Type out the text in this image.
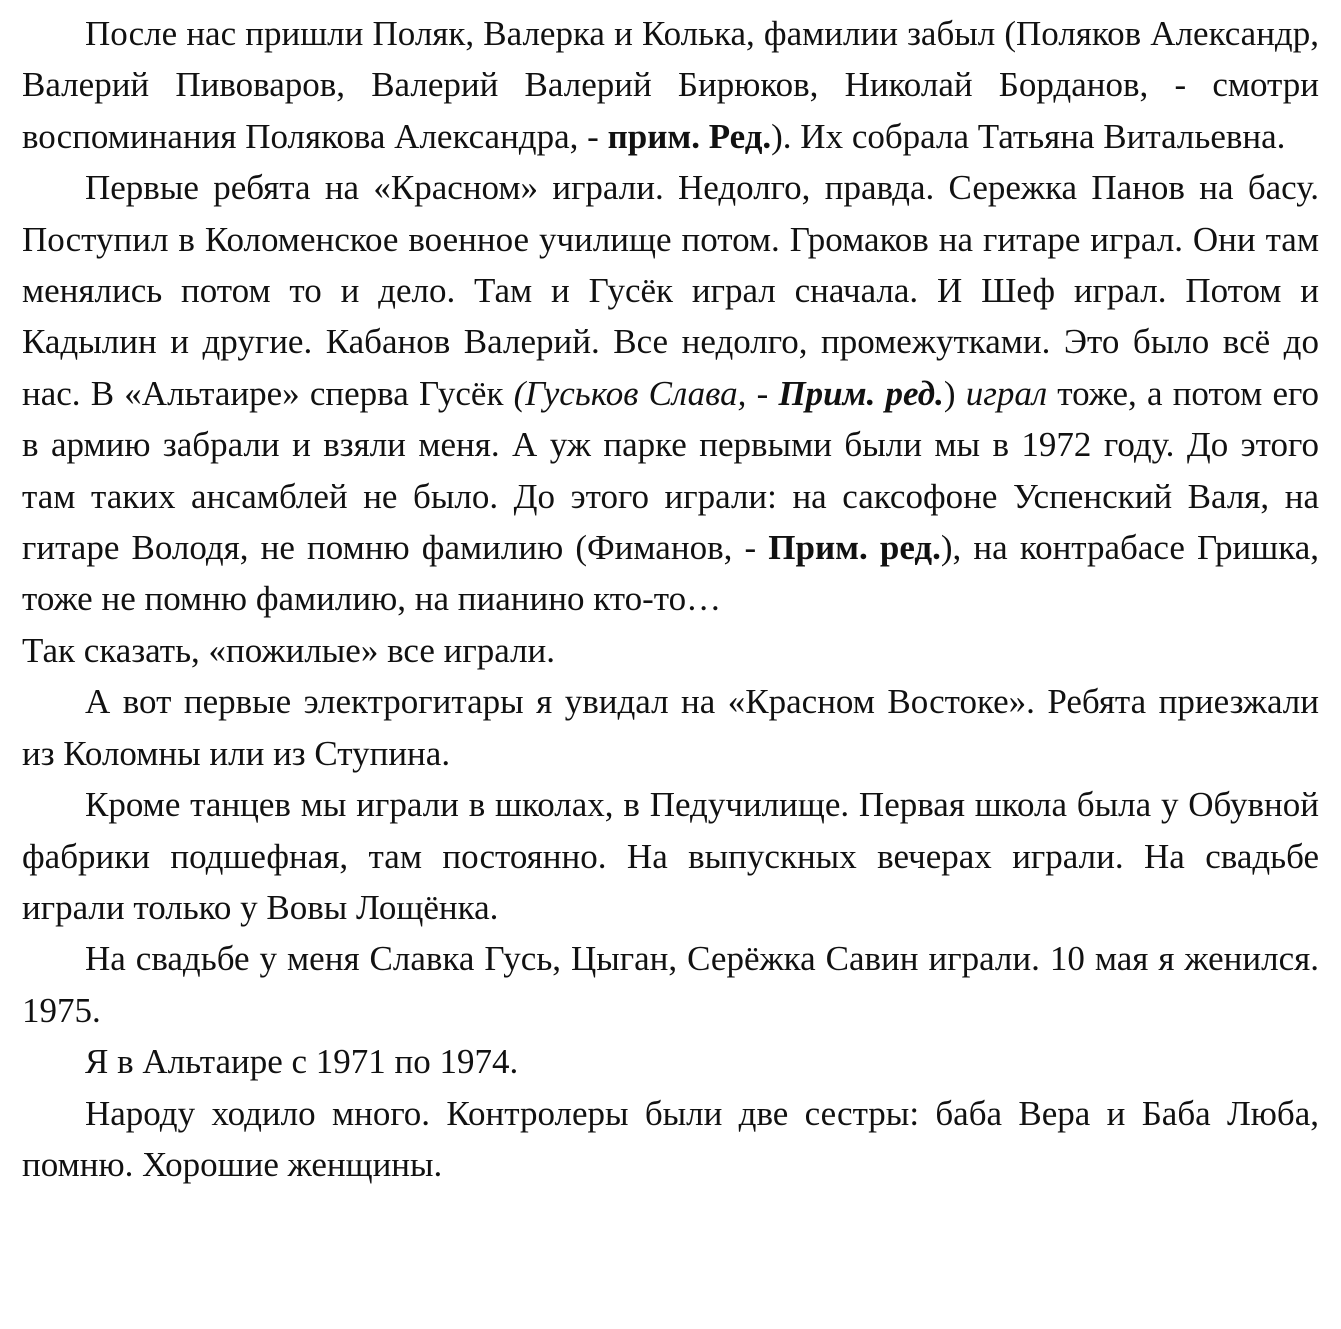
После нас пришли Поляк, Валерка и Колька, фамилии забыл (Поляков Александр, Валерий Пивоваров, Валерий Валерий Бирюков, Николай Борданов, - смотри воспоминания Полякова Александра, - прим. Ред.). Их собрала Татьяна Витальевна.

Первые ребята на «Красном» играли. Недолго, правда. Сережка Панов на басу. Поступил в Коломенское военное училище потом. Громаков на гитаре играл. Они там менялись потом то и дело. Там и Гусёк играл сначала. И Шеф играл. Потом и Кадылин и другие. Кабанов Валерий. Все недолго, промежутками. Это было всё до нас. В «Альтаире» сперва Гусёк (Гуськов Слава, - Прим. ред.) играл тоже, а потом его в армию забрали и взяли меня. А уж парке первыми были мы в 1972 году. До этого там таких ансамблей не было. До этого играли: на саксофоне Успенский Валя, на гитаре Володя, не помню фамилию (Фиманов, - Прим. ред.), на контрабасе Гришка, тоже не помню фамилию, на пианино кто-то…

Так сказать, «пожилые» все играли.

А вот первые электрогитары я увидал на «Красном Востоке». Ребята приезжали из Коломны или из Ступина.

Кроме танцев мы играли в школах, в Педучилище. Первая школа была у Обувной фабрики подшефная, там постоянно. На выпускных вечерах играли. На свадьбе играли только у Вовы Лощёнка.

На свадьбе у меня Славка Гусь, Цыган, Серёжка Савин играли. 10 мая я женился. 1975.

Я в Альтаире с 1971 по 1974.

Народу ходило много. Контролеры были две сестры: баба Вера и Баба Люба, помню. Хорошие женщины.
